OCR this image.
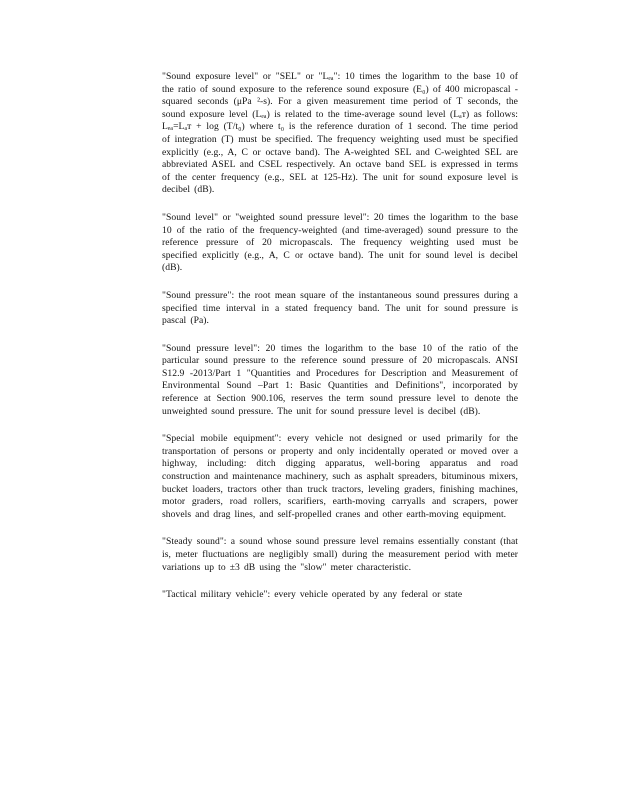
"Sound exposure level" or "SEL" or "Lₑₐ": 10 times the logarithm to the base 10 of the ratio of sound exposure to the reference sound exposure (E₀) of 400 micropascal -squared seconds (μPa ²-s). For a given measurement time period of T seconds, the sound exposure level (Lₑₐ) is related to the time-average sound level (Lₐᴛ) as follows: Lₑₐ=Lₐᴛ + log (T/t₀) where t₀ is the reference duration of 1 second. The time period of integration (T) must be specified. The frequency weighting used must be specified explicitly (e.g., A, C or octave band). The A-weighted SEL and C-weighted SEL are abbreviated ASEL and CSEL respectively. An octave band SEL is expressed in terms of the center frequency (e.g., SEL at 125-Hz). The unit for sound exposure level is decibel (dB).

"Sound level" or "weighted sound pressure level": 20 times the logarithm to the base 10 of the ratio of the frequency-weighted (and time-averaged) sound pressure to the reference pressure of 20 micropascals. The frequency weighting used must be specified explicitly (e.g., A, C or octave band). The unit for sound level is decibel (dB).

"Sound pressure": the root mean square of the instantaneous sound pressures during a specified time interval in a stated frequency band. The unit for sound pressure is pascal (Pa).

"Sound pressure level": 20 times the logarithm to the base 10 of the ratio of the particular sound pressure to the reference sound pressure of 20 micropascals. ANSI S12.9 -2013/Part 1 "Quantities and Procedures for Description and Measurement of Environmental Sound –Part 1: Basic Quantities and Definitions", incorporated by reference at Section 900.106, reserves the term sound pressure level to denote the unweighted sound pressure. The unit for sound pressure level is decibel (dB).

"Special mobile equipment": every vehicle not designed or used primarily for the transportation of persons or property and only incidentally operated or moved over a highway, including: ditch digging apparatus, well-boring apparatus and road construction and maintenance machinery, such as asphalt spreaders, bituminous mixers, bucket loaders, tractors other than truck tractors, leveling graders, finishing machines, motor graders, road rollers, scarifiers, earth-moving carryalls and scrapers, power shovels and drag lines, and self-propelled cranes and other earth-moving equipment.

"Steady sound": a sound whose sound pressure level remains essentially constant (that is, meter fluctuations are negligibly small) during the measurement period with meter variations up to ±3 dB using the "slow" meter characteristic.

"Tactical military vehicle": every vehicle operated by any federal or state
